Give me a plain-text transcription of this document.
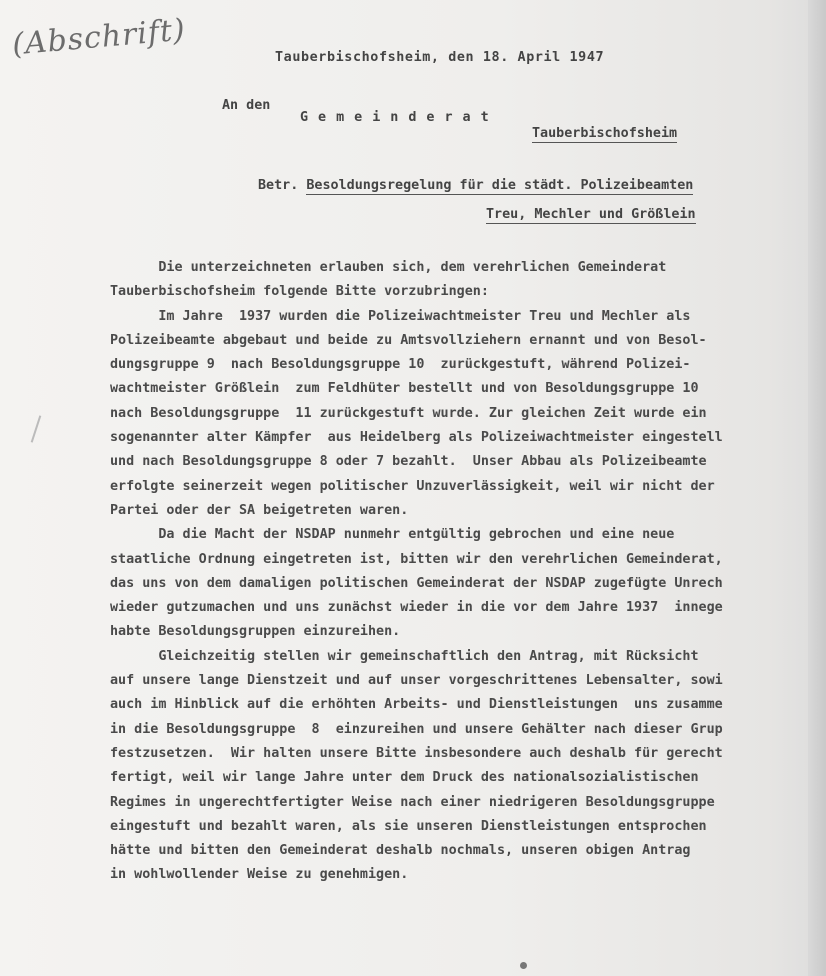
(Abschrift)	Tauberbischofsheim, den 18. April 1947
An den
Gemeinderat
Tauberbischofsheim
Betr. Besoldungsregelung für die städt. Polizeibeamten
Treu, Mechler und Größlein

Die unterzeichneten erlauben sich, dem verehrlichen Gemeinderat

Tauberbischofsheim folgende Bitte vorzubringen:

Im Jahre  1937 wurden die Polizeiwachtmeister Treu und Mechler als

Polizeibeamte abgebaut und beide zu Amtsvollziehern ernannt und von Besol-

dungsgruppe 9  nach Besoldungsgruppe 10  zurückgestuft, während Polizei-

wachtmeister Größlein  zum Feldhüter bestellt und von Besoldungsgruppe 10

nach Besoldungsgruppe  11 zurückgestuft wurde. Zur gleichen Zeit wurde ein

sogenannter alter Kämpfer  aus Heidelberg als Polizeiwachtmeister eingestell

und nach Besoldungsgruppe 8 oder 7 bezahlt.  Unser Abbau als Polizeibeamte

erfolgte seinerzeit wegen politischer Unzuverlässigkeit, weil wir nicht der

Partei oder der SA beigetreten waren.

Da die Macht der NSDAP nunmehr entgültig gebrochen und eine neue

staatliche Ordnung eingetreten ist, bitten wir den verehrlichen Gemeinderat,

das uns von dem damaligen politischen Gemeinderat der NSDAP zugefügte Unrech

wieder gutzumachen und uns zunächst wieder in die vor dem Jahre 1937  innege

habte Besoldungsgruppen einzureihen.

Gleichzeitig stellen wir gemeinschaftlich den Antrag, mit Rücksicht

auf unsere lange Dienstzeit und auf unser vorgeschrittenes Lebensalter, sowi

auch im Hinblick auf die erhöhten Arbeits- und Dienstleistungen  uns zusamme

in die Besoldungsgruppe  8  einzureihen und unsere Gehälter nach dieser Grup

festzusetzen.  Wir halten unsere Bitte insbesondere auch deshalb für gerecht

fertigt, weil wir lange Jahre unter dem Druck des nationalsozialistischen

Regimes in ungerechtfertigter Weise nach einer niedrigeren Besoldungsgruppe

eingestuft und bezahlt waren, als sie unseren Dienstleistungen entsprochen

hätte und bitten den Gemeinderat deshalb nochmals, unseren obigen Antrag

in wohlwollender Weise zu genehmigen.
